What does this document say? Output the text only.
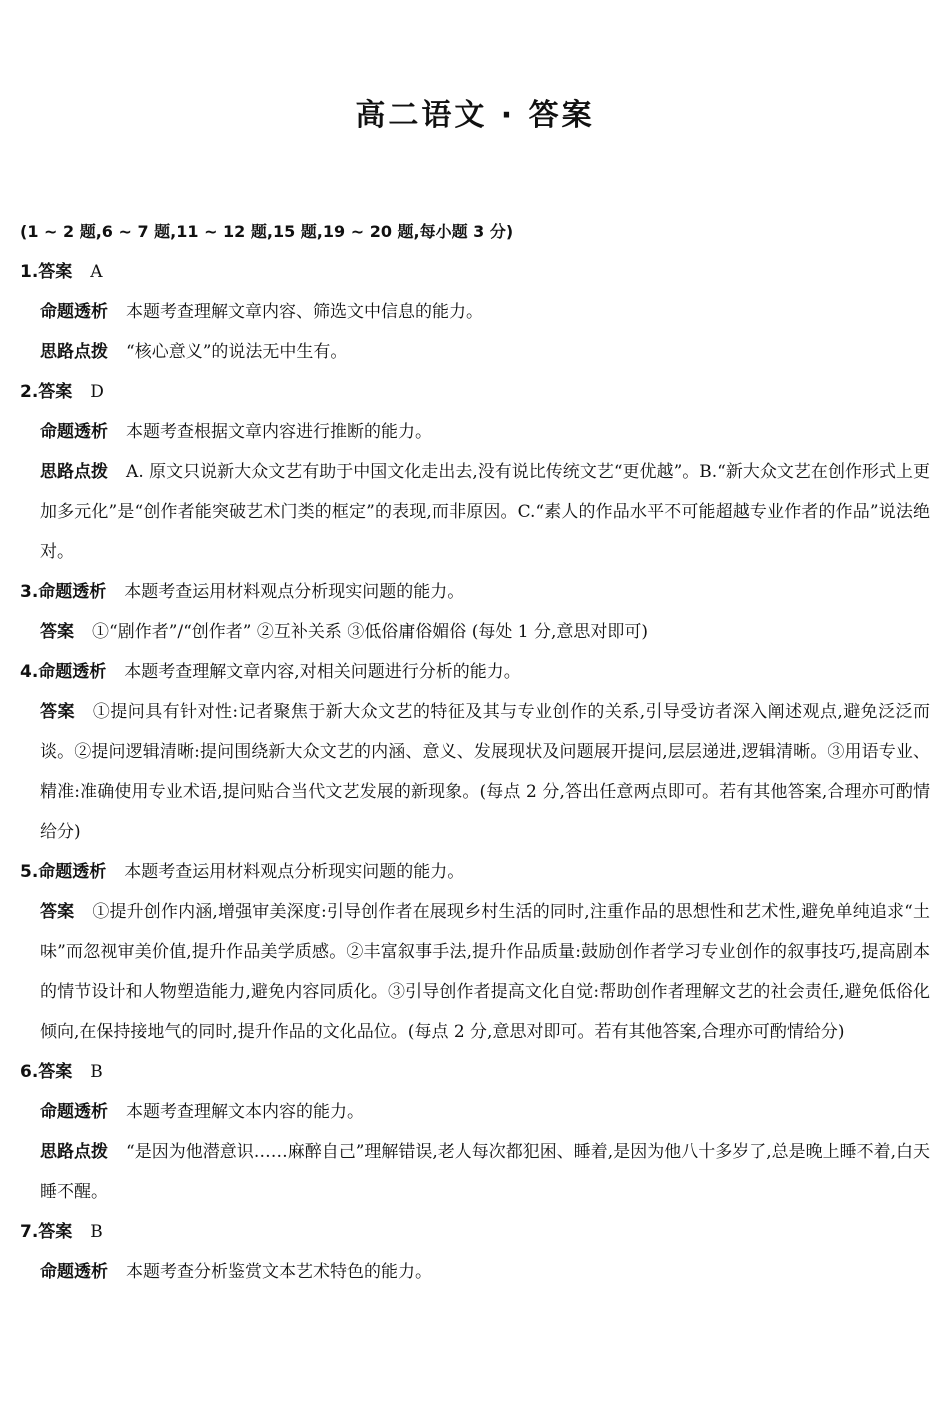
高二语文 · 答案
(1 ~ 2 题,6 ~ 7 题,11 ~ 12 题,15 题,19 ~ 20 题,每小题 3 分)
1.答案 A
命题透析 本题考查理解文章内容、筛选文中信息的能力。
思路点拨 “核心意义”的说法无中生有。
2.答案 D
命题透析 本题考查根据文章内容进行推断的能力。
思路点拨 A. 原文只说新大众文艺有助于中国文化走出去,没有说比传统文艺“更优越”。B.“新大众文艺在创作形式上更加多元化”是“创作者能突破艺术门类的框定”的表现,而非原因。C.“素人的作品水平不可能超越专业作者的作品”说法绝对。
3.命题透析 本题考查运用材料观点分析现实问题的能力。
答案 ①“剧作者”/“创作者” ②互补关系 ③低俗庸俗媚俗 (每处 1 分,意思对即可)
4.命题透析 本题考查理解文章内容,对相关问题进行分析的能力。
答案 ①提问具有针对性:记者聚焦于新大众文艺的特征及其与专业创作的关系,引导受访者深入阐述观点,避免泛泛而谈。②提问逻辑清晰:提问围绕新大众文艺的内涵、意义、发展现状及问题展开提问,层层递进,逻辑清晰。③用语专业、精准:准确使用专业术语,提问贴合当代文艺发展的新现象。(每点 2 分,答出任意两点即可。若有其他答案,合理亦可酌情给分)
5.命题透析 本题考查运用材料观点分析现实问题的能力。
答案 ①提升创作内涵,增强审美深度:引导创作者在展现乡村生活的同时,注重作品的思想性和艺术性,避免单纯追求“土味”而忽视审美价值,提升作品美学质感。②丰富叙事手法,提升作品质量:鼓励创作者学习专业创作的叙事技巧,提高剧本的情节设计和人物塑造能力,避免内容同质化。③引导创作者提高文化自觉:帮助创作者理解文艺的社会责任,避免低俗化倾向,在保持接地气的同时,提升作品的文化品位。(每点 2 分,意思对即可。若有其他答案,合理亦可酌情给分)
6.答案 B
命题透析 本题考查理解文本内容的能力。
思路点拨 “是因为他潜意识……麻醉自己”理解错误,老人每次都犯困、睡着,是因为他八十多岁了,总是晚上睡不着,白天睡不醒。
7.答案 B
命题透析 本题考查分析鉴赏文本艺术特色的能力。
